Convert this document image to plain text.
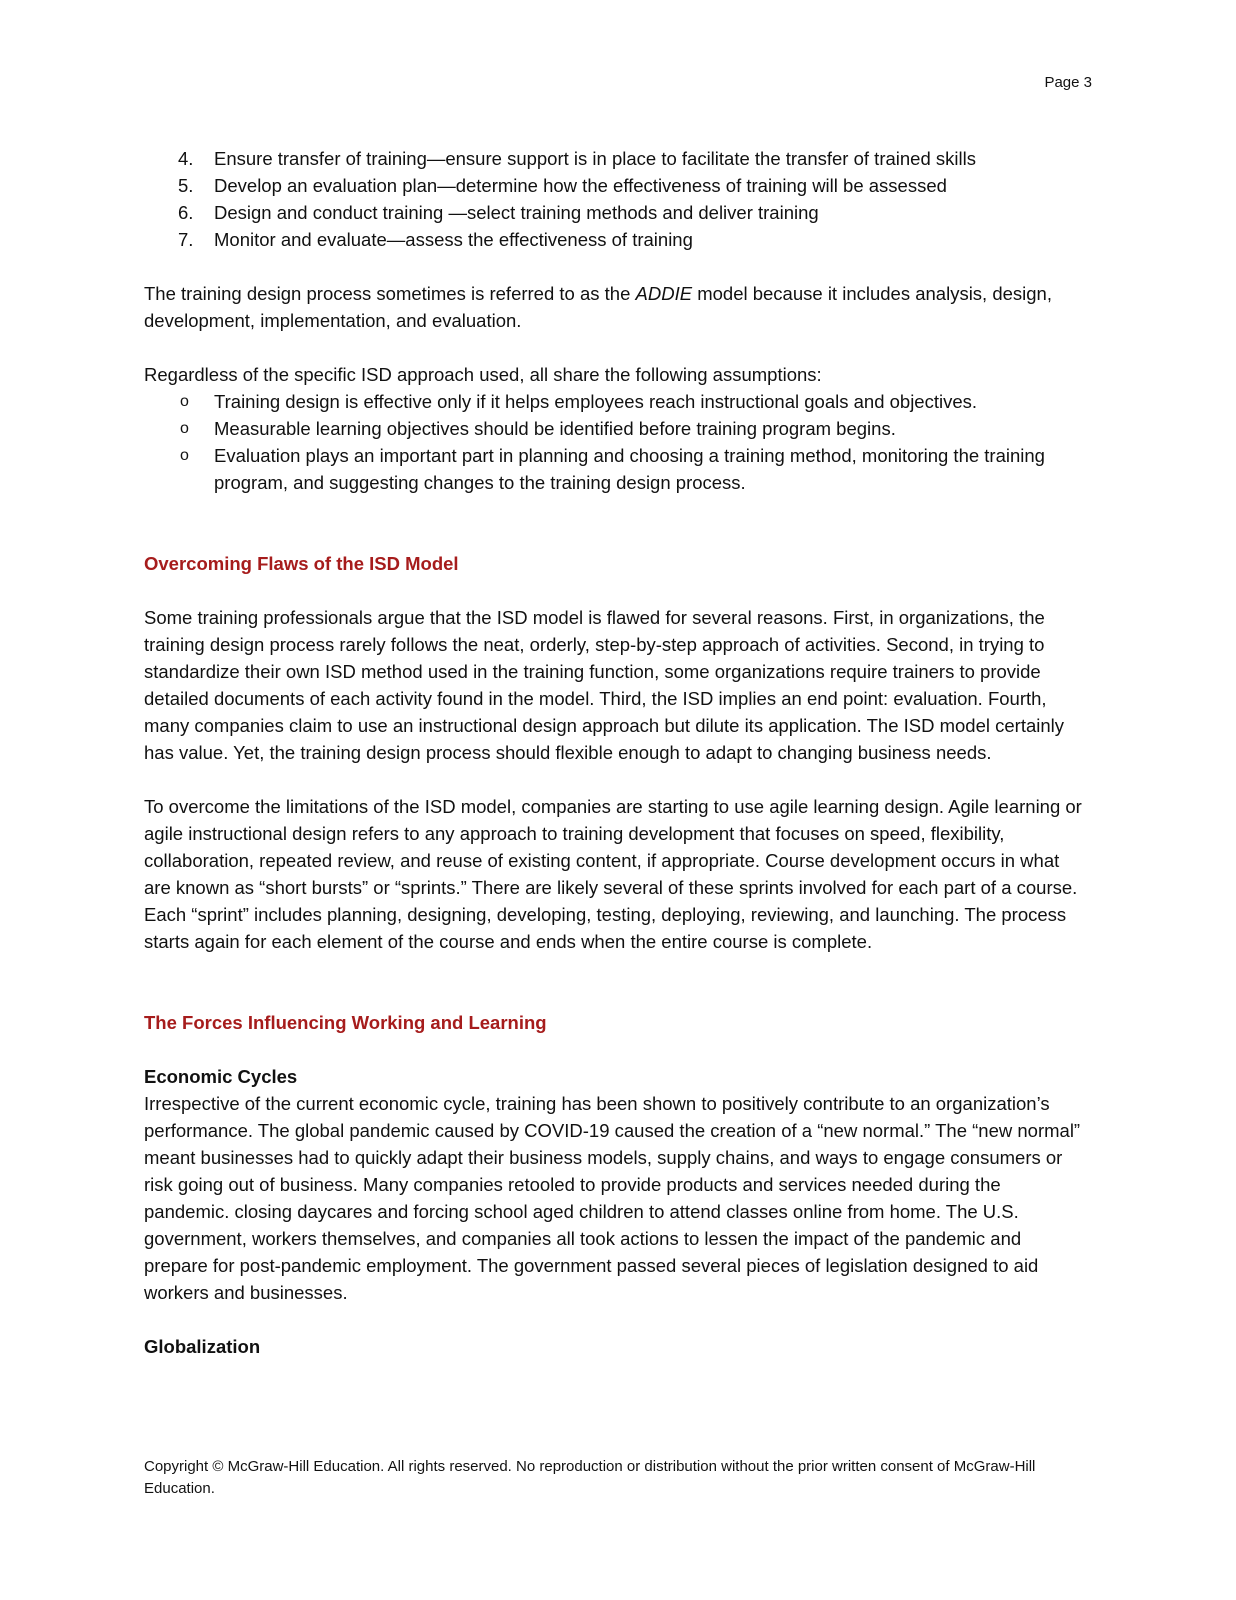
Page 3
4.	Ensure transfer of training—ensure support is in place to facilitate the transfer of trained skills
5.	Develop an evaluation plan—determine how the effectiveness of training will be assessed
6.	Design and conduct training —select training methods and deliver training
7.	Monitor and evaluate—assess the effectiveness of training

The training design process sometimes is referred to as the ADDIE model because it includes analysis, design, development, implementation, and evaluation.

Regardless of the specific ISD approach used, all share the following assumptions:

o	Training design is effective only if it helps employees reach instructional goals and objectives.
o	Measurable learning objectives should be identified before training program begins.
o	Evaluation plays an important part in planning and choosing a training method, monitoring the training program, and suggesting changes to the training design process.

Overcoming Flaws of the ISD Model

Some training professionals argue that the ISD model is flawed for several reasons. First, in organizations, the training design process rarely follows the neat, orderly, step-by-step approach of activities. Second, in trying to standardize their own ISD method used in the training function, some organizations require trainers to provide detailed documents of each activity found in the model. Third, the ISD implies an end point: evaluation. Fourth, many companies claim to use an instructional design approach but dilute its application. The ISD model certainly has value. Yet, the training design process should flexible enough to adapt to changing business needs.

To overcome the limitations of the ISD model, companies are starting to use agile learning design. Agile learning or agile instructional design refers to any approach to training development that focuses on speed, flexibility, collaboration, repeated review, and reuse of existing content, if appropriate. Course development occurs in what are known as “short bursts” or “sprints.” There are likely several of these sprints involved for each part of a course. Each “sprint” includes planning, designing, developing, testing, deploying, reviewing, and launching. The process starts again for each element of the course and ends when the entire course is complete.

The Forces Influencing Working and Learning

Economic Cycles

Irrespective of the current economic cycle, training has been shown to positively contribute to an organization’s performance. The global pandemic caused by COVID-19 caused the creation of a “new normal.” The “new normal” meant businesses had to quickly adapt their business models, supply chains, and ways to engage consumers or risk going out of business. Many companies retooled to provide products and services needed during the pandemic. closing daycares and forcing school aged children to attend classes online from home. The U.S. government, workers themselves, and companies all took actions to lessen the impact of the pandemic and prepare for post-pandemic employment. The government passed several pieces of legislation designed to aid workers and businesses.

Globalization

Copyright © McGraw-Hill Education. All rights reserved. No reproduction or distribution without the prior written consent of McGraw-Hill Education.
